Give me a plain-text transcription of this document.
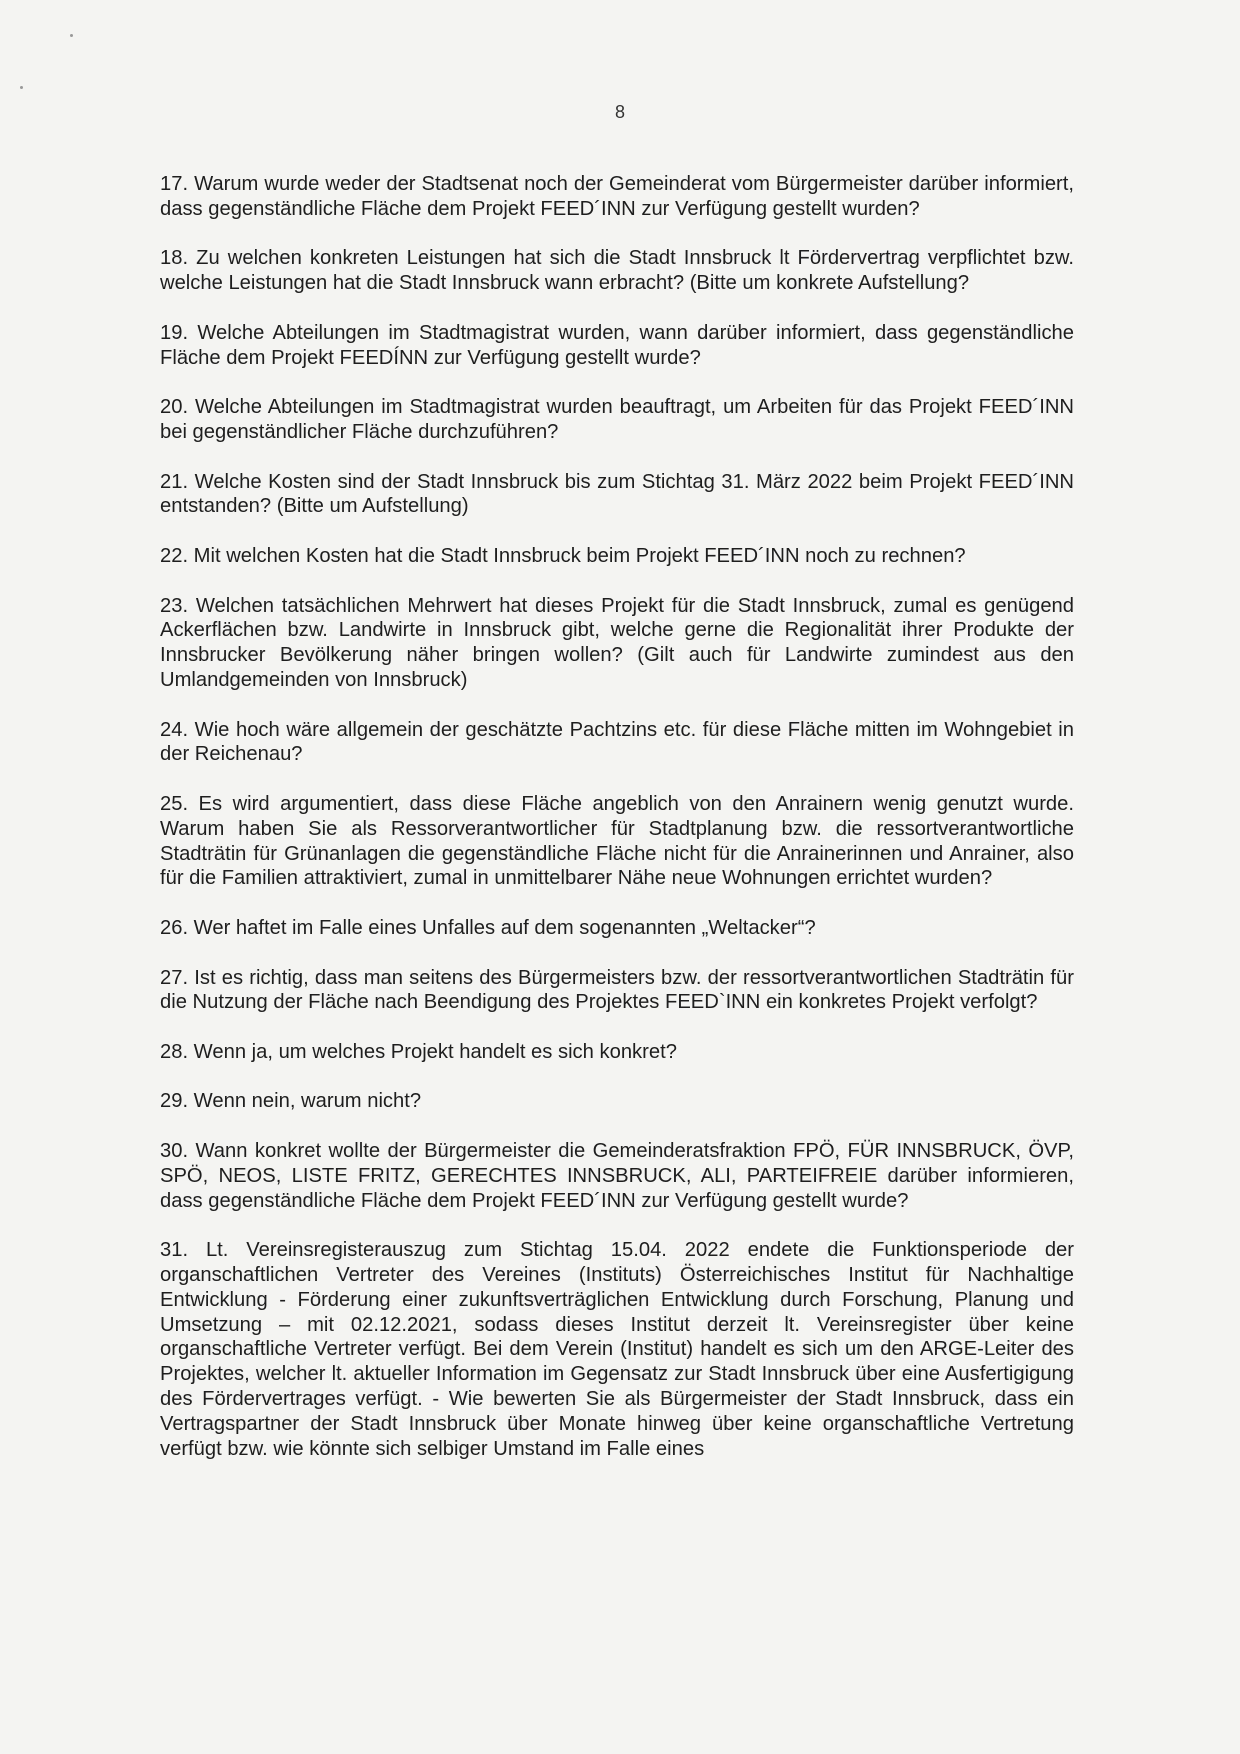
8

17. Warum wurde weder der Stadtsenat noch der Gemeinderat vom Bürgermeister darüber informiert, dass gegenständliche Fläche dem Projekt FEED´INN zur Verfügung gestellt wurden?

18. Zu welchen konkreten Leistungen hat sich die Stadt Innsbruck lt Fördervertrag verpflichtet bzw. welche Leistungen hat die Stadt Innsbruck wann erbracht? (Bitte um konkrete Aufstellung?

19. Welche Abteilungen im Stadtmagistrat wurden, wann darüber informiert, dass gegenständliche Fläche dem Projekt FEEDÍNN zur Verfügung gestellt wurde?

20. Welche Abteilungen im Stadtmagistrat wurden beauftragt, um Arbeiten für das Projekt FEED´INN bei gegenständlicher Fläche durchzuführen?

21. Welche Kosten sind der Stadt Innsbruck bis zum Stichtag 31. März 2022 beim Projekt FEED´INN entstanden? (Bitte um Aufstellung)

22. Mit welchen Kosten hat die Stadt Innsbruck beim Projekt FEED´INN noch zu rechnen?

23. Welchen tatsächlichen Mehrwert hat dieses Projekt für die Stadt Innsbruck, zumal es genügend Ackerflächen bzw. Landwirte in Innsbruck gibt, welche gerne die Regionalität ihrer Produkte der Innsbrucker Bevölkerung näher bringen wollen? (Gilt auch für Landwirte zumindest aus den Umlandgemeinden von Innsbruck)

24. Wie hoch wäre allgemein der geschätzte Pachtzins etc. für diese Fläche mitten im Wohngebiet in der Reichenau?

25. Es wird argumentiert, dass diese Fläche angeblich von den Anrainern wenig genutzt wurde. Warum haben Sie als Ressorverantwortlicher für Stadtplanung bzw. die ressortverantwortliche Stadträtin für Grünanlagen die gegenständliche Fläche nicht für die Anrainerinnen und Anrainer, also für die Familien attraktiviert, zumal in unmittelbarer Nähe neue Wohnungen errichtet wurden?

26. Wer haftet im Falle eines Unfalles auf dem sogenannten „Weltacker“?

27. Ist es richtig, dass man seitens des Bürgermeisters bzw. der ressortverantwortlichen Stadträtin für die Nutzung der Fläche nach Beendigung des Projektes FEED`INN ein konkretes Projekt verfolgt?

28. Wenn ja, um welches Projekt handelt es sich konkret?

29. Wenn nein, warum nicht?

30. Wann konkret wollte der Bürgermeister die Gemeinderatsfraktion FPÖ, FÜR INNSBRUCK, ÖVP, SPÖ, NEOS, LISTE FRITZ, GERECHTES INNSBRUCK, ALI, PARTEIFREIE darüber informieren, dass gegenständliche Fläche dem Projekt FEED´INN zur Verfügung gestellt wurde?

31. Lt. Vereinsregisterauszug zum Stichtag 15.04. 2022 endete die Funktionsperiode der organschaftlichen Vertreter des Vereines (Instituts) Österreichisches Institut für Nachhaltige Entwicklung - Förderung einer zukunftsverträglichen Entwicklung durch Forschung, Planung und Umsetzung – mit 02.12.2021, sodass dieses Institut derzeit lt. Vereinsregister über keine organschaftliche Vertreter verfügt. Bei dem Verein (Institut) handelt es sich um den ARGE-Leiter des Projektes, welcher lt. aktueller Information im Gegensatz zur Stadt Innsbruck über eine Ausfertigigung des Fördervertrages verfügt. - Wie bewerten Sie als Bürgermeister der Stadt Innsbruck, dass ein Vertragspartner der Stadt Innsbruck über Monate hinweg über keine organschaftliche Vertretung verfügt bzw. wie könnte sich selbiger Umstand im Falle eines
